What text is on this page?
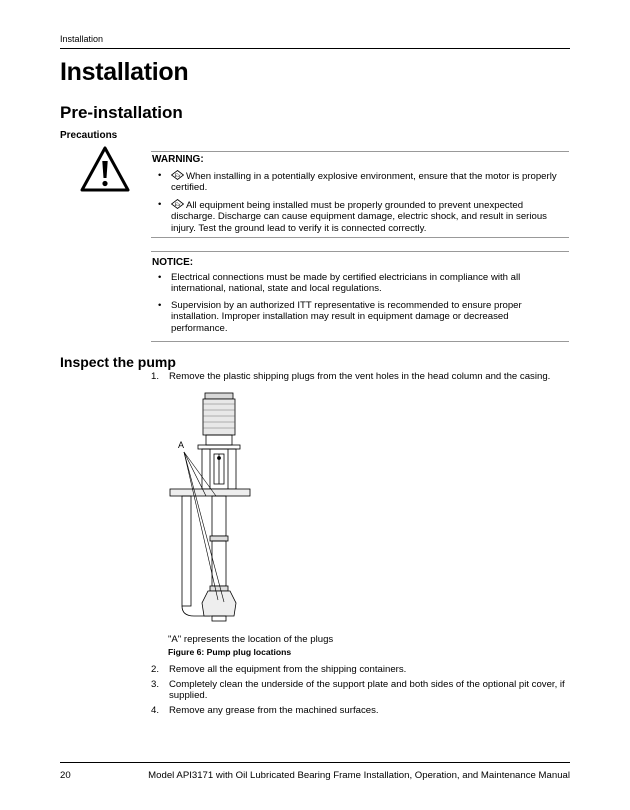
Installation
Installation
Pre-installation
Precautions
WARNING:
• Ex When installing in a potentially explosive environment, ensure that the motor is properly certified.
• Ex All equipment being installed must be properly grounded to prevent unexpected discharge. Discharge can cause equipment damage, electric shock, and result in serious injury. Test the ground lead to verify it is connected correctly.
NOTICE:
• Electrical connections must be made by certified electricians in compliance with all international, national, state and local regulations.
• Supervision by an authorized ITT representative is recommended to ensure proper installation. Improper installation may result in equipment damage or decreased performance.
Inspect the pump
1. Remove the plastic shipping plugs from the vent holes in the head column and the casing.
A
"A" represents the location of the plugs
Figure 6: Pump plug locations
2. Remove all the equipment from the shipping containers.
3. Completely clean the underside of the support plate and both sides of the optional pit cover, if supplied.
4. Remove any grease from the machined surfaces.
20	Model API3171 with Oil Lubricated Bearing Frame Installation, Operation, and Maintenance Manual
